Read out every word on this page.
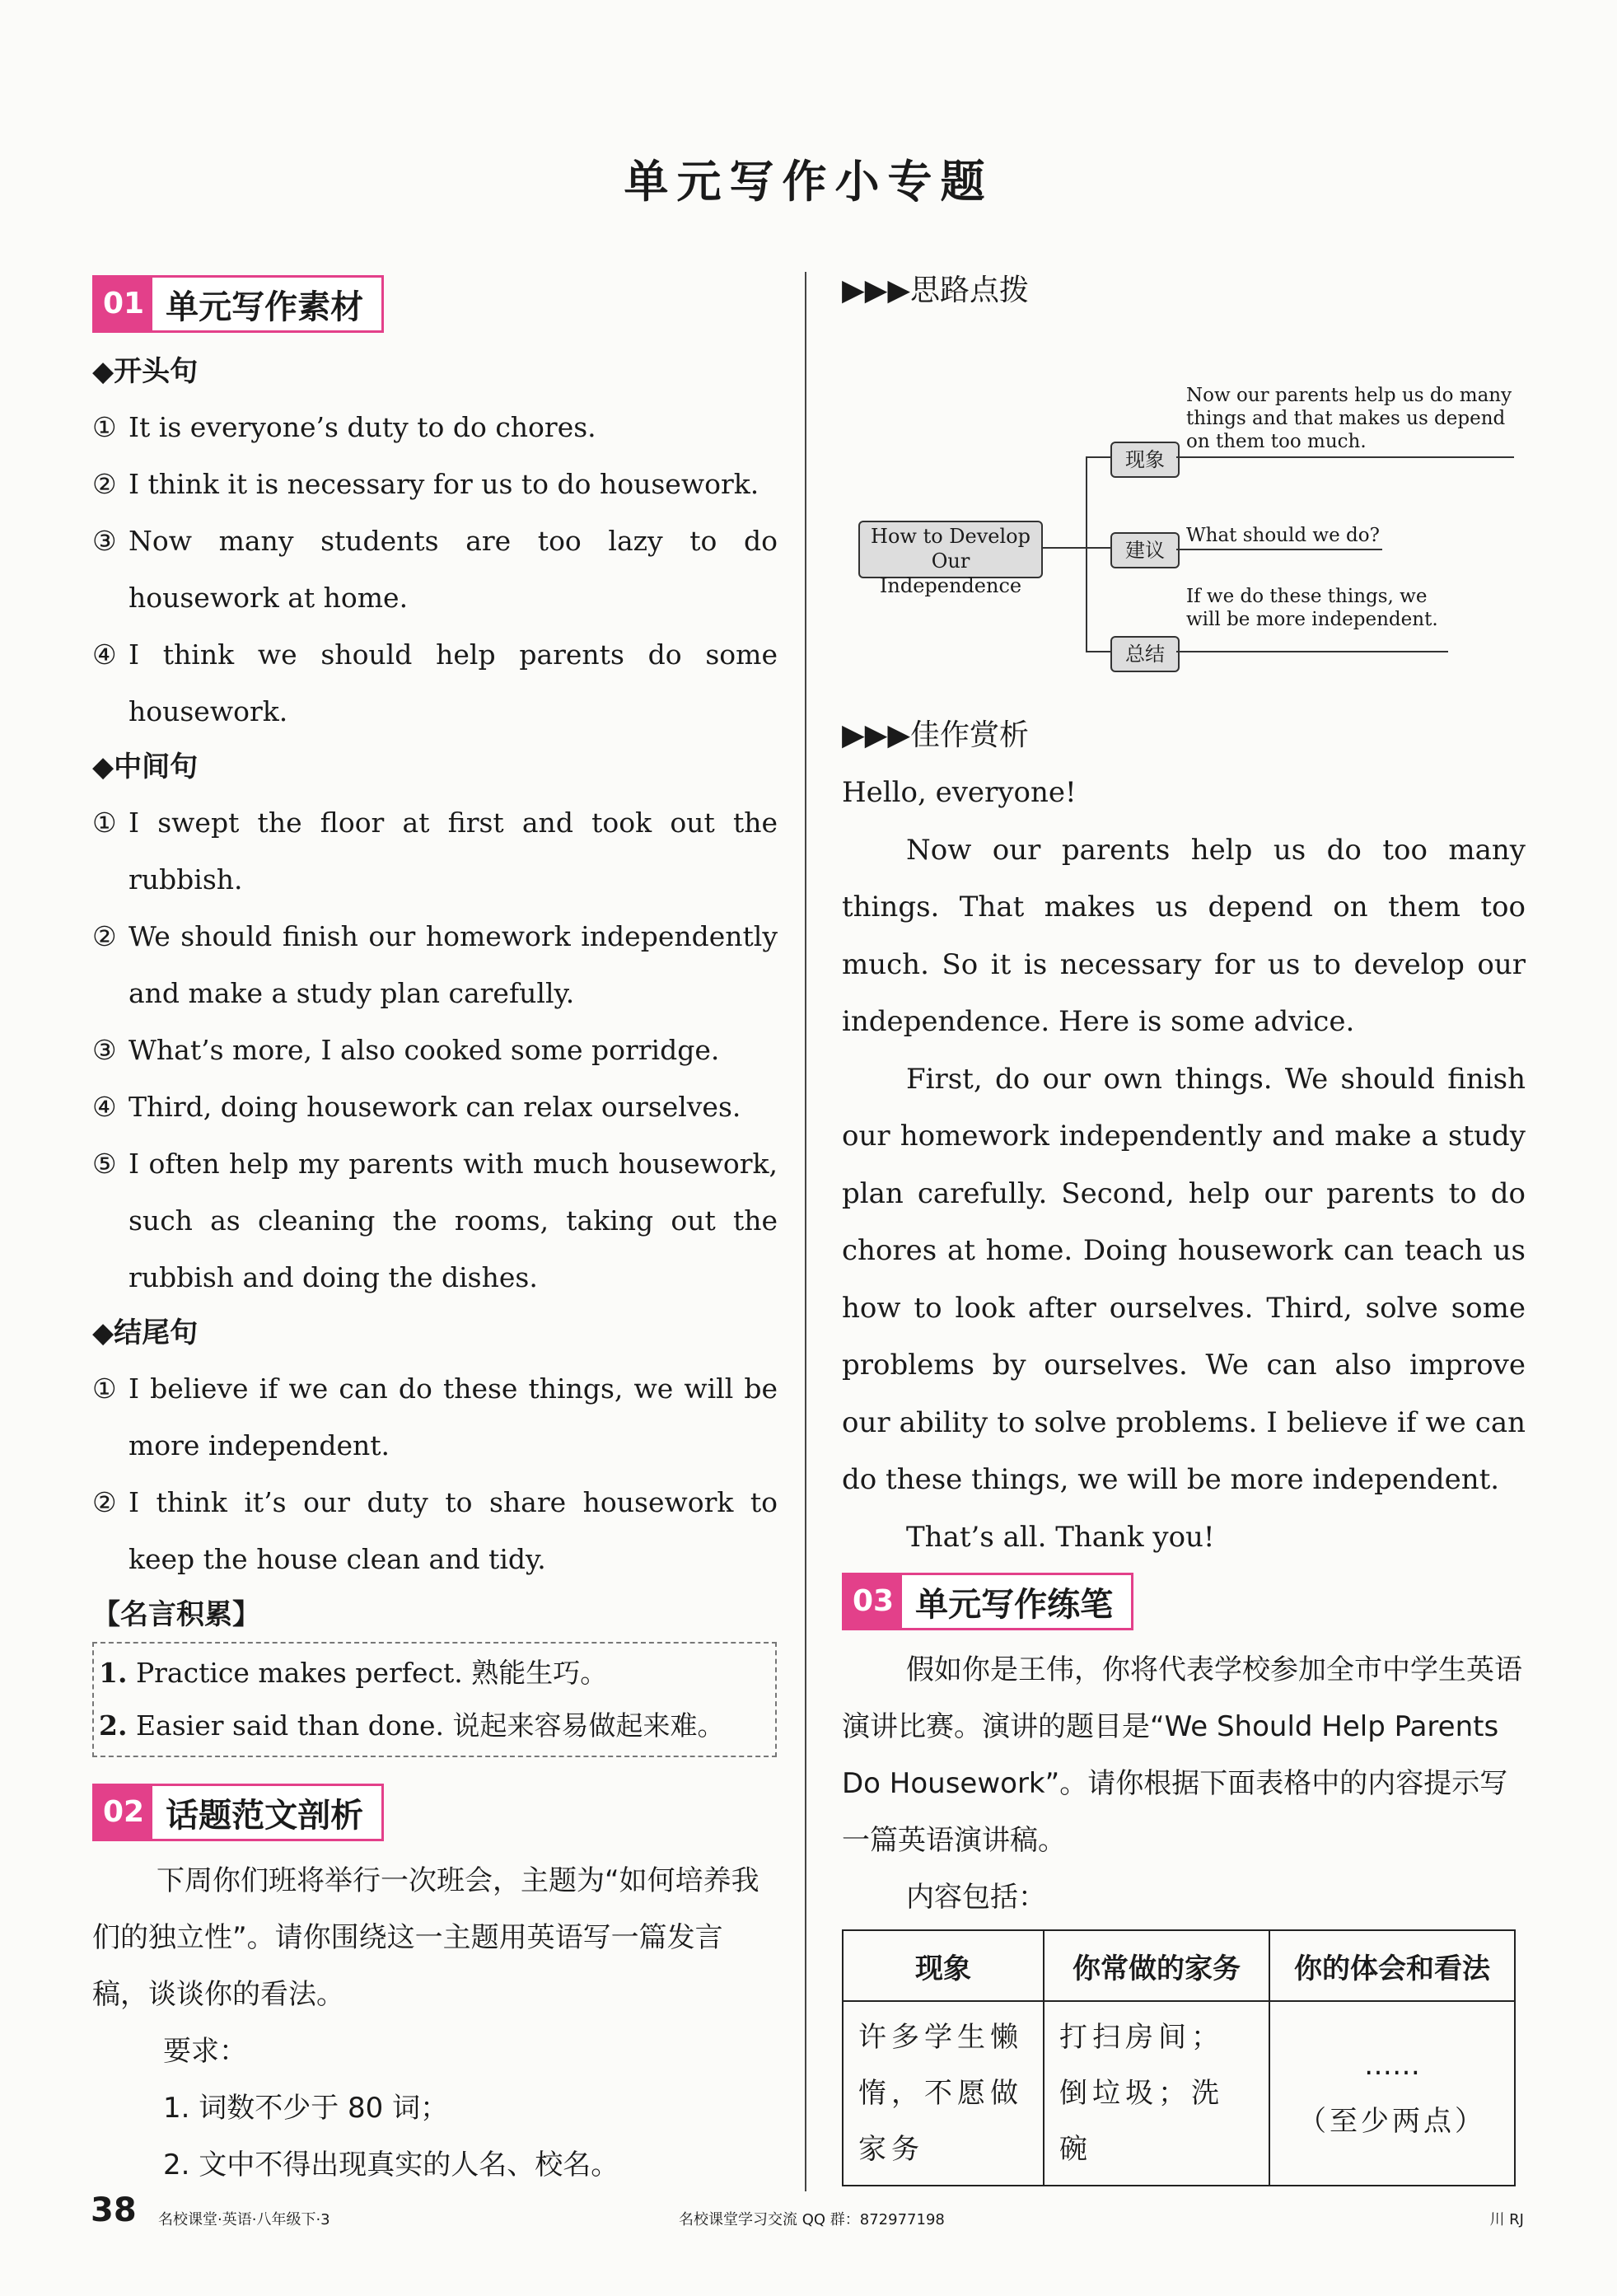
单元写作小专题
01 单元写作素材
◆开头句
① It is everyone’s duty to do chores.
② I think it is necessary for us to do housework.
③ Now many students are too lazy to do housework at home.
④ I think we should help parents do some housework.
◆中间句
① I swept the floor at first and took out the rubbish.
② We should finish our homework independently and make a study plan carefully.
③ What’s more, I also cooked some porridge.
④ Third, doing housework can relax ourselves.
⑤ I often help my parents with much housework, such as cleaning the rooms, taking out the rubbish and doing the dishes.
◆结尾句
① I believe if we can do these things, we will be more independent.
② I think it’s our duty to share housework to keep the house clean and tidy.
【名言积累】
1. Practice makes perfect. 熟能生巧。
2. Easier said than done. 说起来容易做起来难。
02 话题范文剖析
下周你们班将举行一次班会，主题为“如何培养我们的独立性”。请你围绕这一主题用英语写一篇发言稿，谈谈你的看法。
要求：
1. 词数不少于 80 词；
2. 文中不得出现真实的人名、校名。
▶▶▶思路点拨
How to Develop Our Independence
现象
Now our parents help us do many things and that makes us depend on them too much.
建议
What should we do?
总结
If we do these things, we will be more independent.
▶▶▶佳作赏析

Hello, everyone!

Now our parents help us do too many things. That makes us depend on them too much. So it is necessary for us to develop our independence. Here is some advice.

First, do our own things. We should finish our homework independently and make a study plan carefully. Second, help our parents to do chores at home. Doing housework can teach us how to look after ourselves. Third, solve some problems by ourselves. We can also improve our ability to solve problems. I believe if we can do these things, we will be more independent.

That’s all. Thank you!

03 单元写作练笔
假如你是王伟，你将代表学校参加全市中学生英语演讲比赛。演讲的题目是“We Should Help Parents Do Housework”。请你根据下面表格中的内容提示写一篇英语演讲稿。
内容包括：
现象	你常做的家务	你的体会和看法
许多学生懒惰，不愿做家务	打扫房间；倒垃圾；洗碗	……
（至少两点）
38 名校课堂·英语·八年级下·3	名校课堂学习交流 QQ 群：872977198	川 RJ
